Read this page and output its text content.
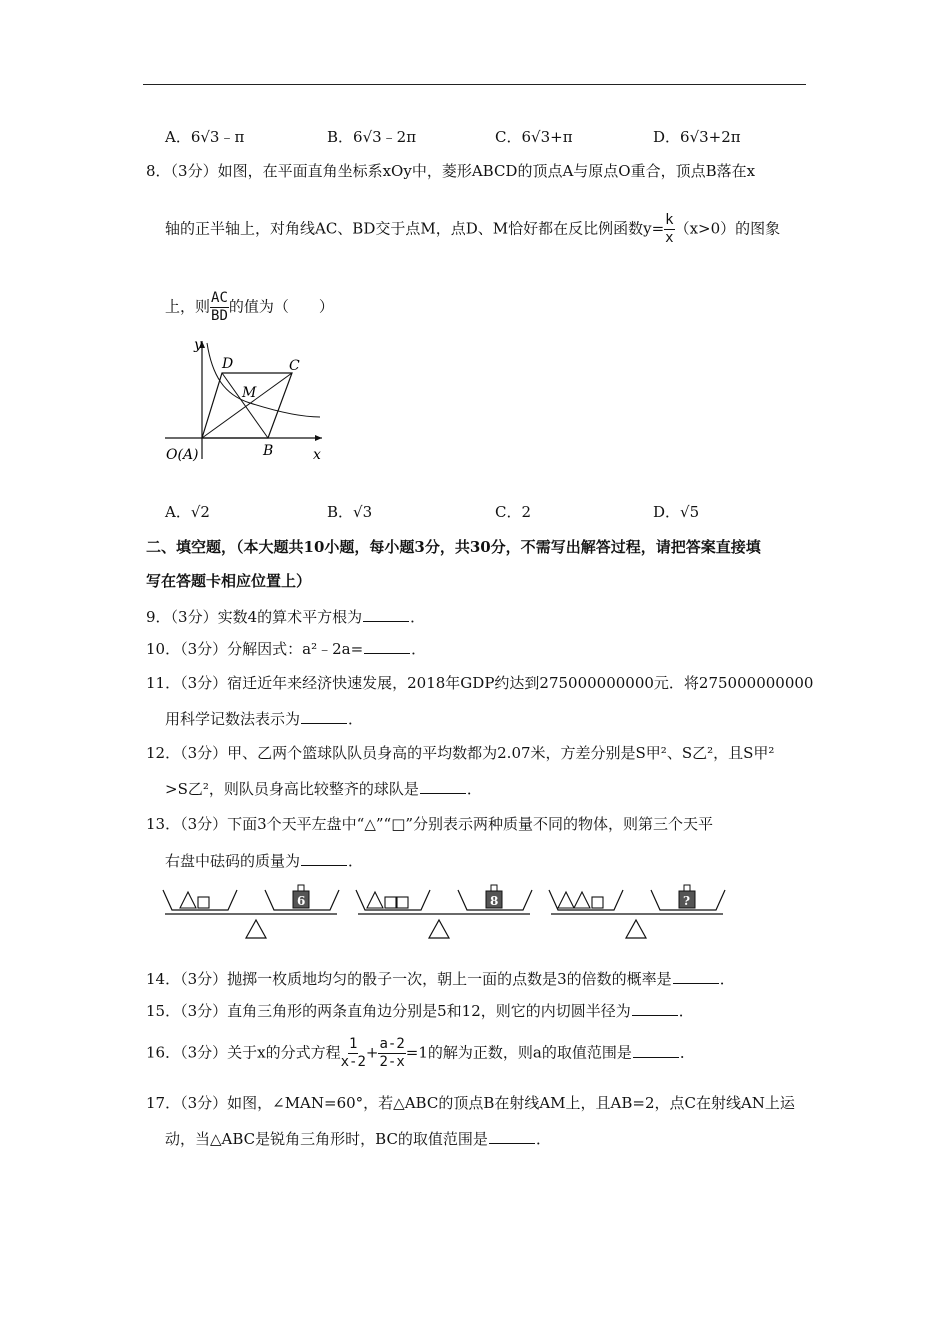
A．6√3﹣π	B．6√3﹣2π	C．6√3+π	D．6√3+2π
8．（3分）如图，在平面直角坐标系xOy中，菱形ABCD的顶点A与原点O重合，顶点B落在x
轴的正半轴上，对角线AC、BD交于点M，点D、M恰好都在反比例函数$y= \frac{k}{x} (x>0)$的图象
上，则 $\frac{AC}{BD}$ 的值为（　　）
y
x
D	C
M
O(A)	B
A．√2	B．√3	C．2	D．√5
二、填空题，（本大题共10小题，每小题3分，共30分，不需写出解答过程，请把答案直接填
写在答题卡相应位置上）
9．（3分）实数4的算术平方根为	．
10．（3分）分解因式：a²﹣2a=	．
11．（3分）宿迁近年来经济快速发展，2018年GDP约达到275000000000元．将275000000000
用科学记数法表示为	．
12．（3分）甲、乙两个篮球队队员身高的平均数都为2.07米，方差分别是S甲²、S乙²，且S甲²
>S乙²，则队员身高比较整齐的球队是	．
13．（3分）下面3个天平左盘中“△”“□”分别表示两种质量不同的物体，则第三个天平
右盘中砝码的质量为	．
6	8	?
14．（3分）抛掷一枚质地均匀的骰子一次，朝上一面的点数是3的倍数的概率是	．
15．（3分）直角三角形的两条直角边分别是5和12，则它的内切圆半径为	．
16．（3分）关于x的分式方程 $\frac{1}{x-2} + \frac{a-2}{2-x} =1$的解为正数，则a的取值范围是	．
17．（3分）如图，∠MAN=60°，若△ABC的顶点B在射线AM上，且AB=2，点C在射线AN上运
动，当△ABC是锐角三角形时，BC的取值范围是	．
